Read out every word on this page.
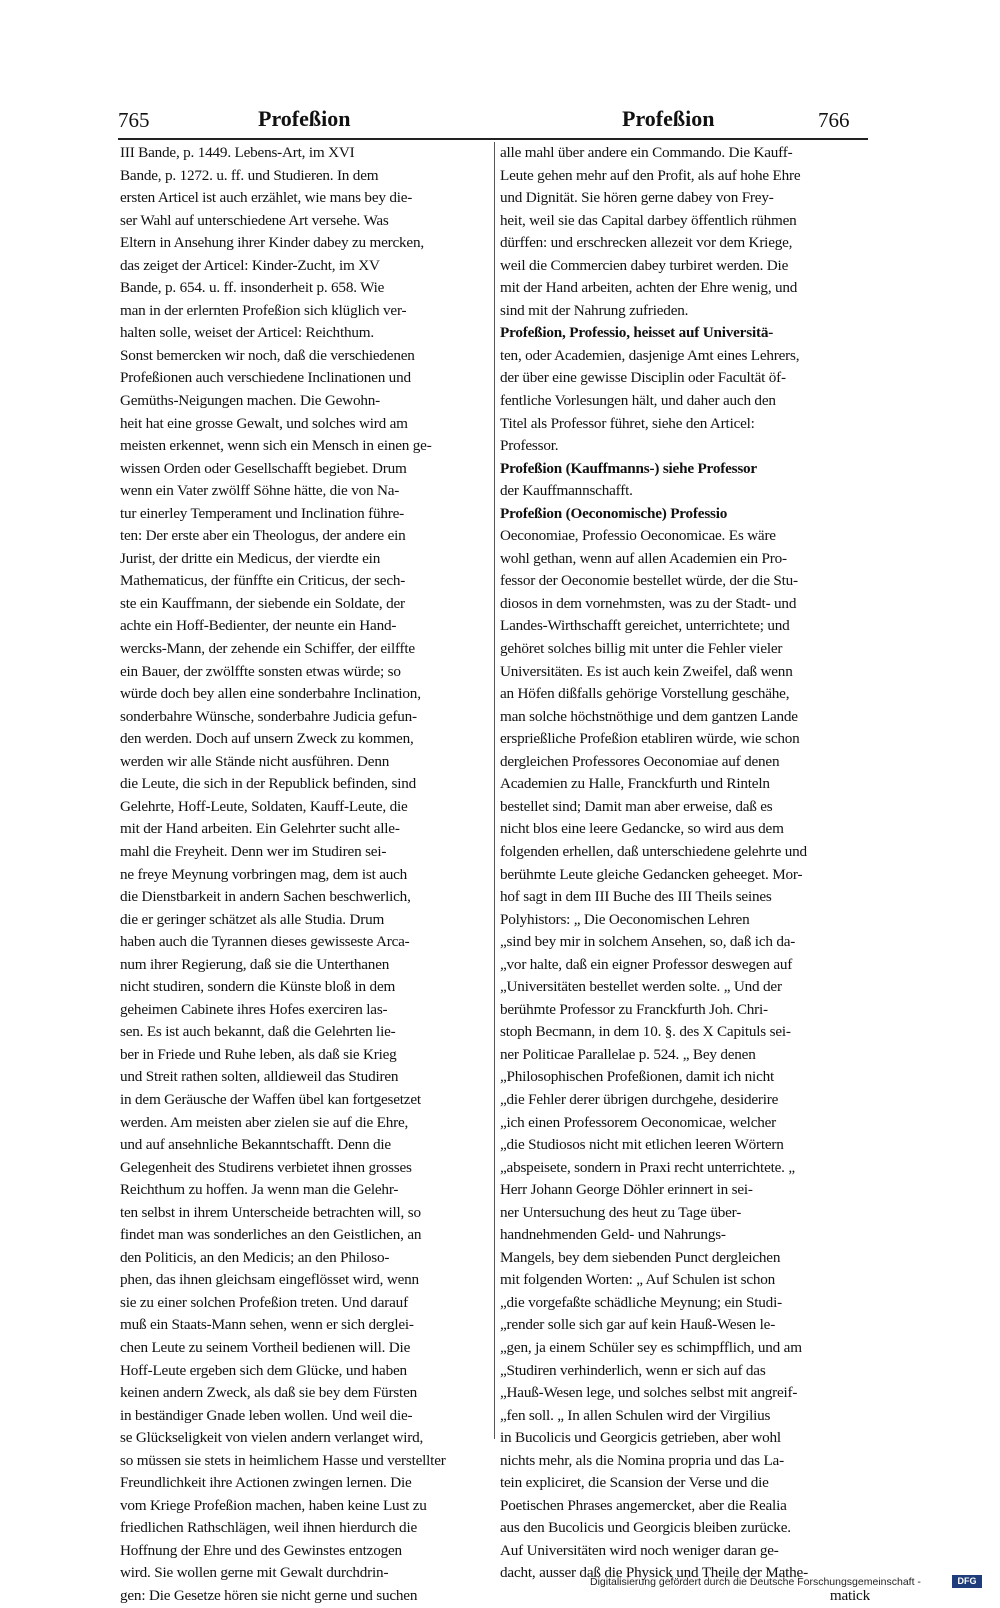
765	Profeßion	Profeßion	766
III Bande, p. 1449. Lebens-Art, im XVI
Bande, p. 1272. u. ff. und Studieren. In dem
ersten Articel ist auch erzählet, wie mans bey die-
ser Wahl auf unterschiedene Art versehe. Was
Eltern in Ansehung ihrer Kinder dabey zu mercken,
das zeiget der Articel: Kinder-Zucht, im XV
Bande, p. 654. u. ff. insonderheit p. 658. Wie
man in der erlernten Profeßion sich klüglich ver-
halten solle, weiset der Articel: Reichthum.
Sonst bemercken wir noch, daß die verschiedenen
Profeßionen auch verschiedene Inclinationen und
Gemüths-Neigungen machen. Die Gewohn-
heit hat eine grosse Gewalt, und solches wird am
meisten erkennet, wenn sich ein Mensch in einen ge-
wissen Orden oder Gesellschafft begiebet. Drum
wenn ein Vater zwölff Söhne hätte, die von Na-
tur einerley Temperament und Inclination führe-
ten: Der erste aber ein Theologus, der andere ein
Jurist, der dritte ein Medicus, der vierdte ein
Mathematicus, der fünffte ein Criticus, der sech-
ste ein Kauffmann, der siebende ein Soldate, der
achte ein Hoff-Bedienter, der neunte ein Hand-
wercks-Mann, der zehende ein Schiffer, der eilffte
ein Bauer, der zwölffte sonsten etwas würde; so
würde doch bey allen eine sonderbahre Inclination,
sonderbahre Wünsche, sonderbahre Judicia gefun-
den werden. Doch auf unsern Zweck zu kommen,
werden wir alle Stände nicht ausführen. Denn
die Leute, die sich in der Republick befinden, sind
Gelehrte, Hoff-Leute, Soldaten, Kauff-Leute, die
mit der Hand arbeiten. Ein Gelehrter sucht alle-
mahl die Freyheit. Denn wer im Studiren sei-
ne freye Meynung vorbringen mag, dem ist auch
die Dienstbarkeit in andern Sachen beschwerlich,
die er geringer schätzet als alle Studia. Drum
haben auch die Tyrannen dieses gewisseste Arca-
num ihrer Regierung, daß sie die Unterthanen
nicht studiren, sondern die Künste bloß in dem
geheimen Cabinete ihres Hofes exerciren las-
sen. Es ist auch bekannt, daß die Gelehrten lie-
ber in Friede und Ruhe leben, als daß sie Krieg
und Streit rathen solten, alldieweil das Studiren
in dem Geräusche der Waffen übel kan fortgesetzet
werden. Am meisten aber zielen sie auf die Ehre,
und auf ansehnliche Bekanntschafft. Denn die
Gelegenheit des Studirens verbietet ihnen grosses
Reichthum zu hoffen. Ja wenn man die Gelehr-
ten selbst in ihrem Unterscheide betrachten will, so
findet man was sonderliches an den Geistlichen, an
den Politicis, an den Medicis; an den Philoso-
phen, das ihnen gleichsam eingeflösset wird, wenn
sie zu einer solchen Profeßion treten. Und darauf
muß ein Staats-Mann sehen, wenn er sich derglei-
chen Leute zu seinem Vortheil bedienen will. Die
Hoff-Leute ergeben sich dem Glücke, und haben
keinen andern Zweck, als daß sie bey dem Fürsten
in beständiger Gnade leben wollen. Und weil die-
se Glückseligkeit von vielen andern verlanget wird,
so müssen sie stets in heimlichem Hasse und verstellter
Freundlichkeit ihre Actionen zwingen lernen. Die
vom Kriege Profeßion machen, haben keine Lust zu
friedlichen Rathschlägen, weil ihnen hierdurch die
Hoffnung der Ehre und des Gewinstes entzogen
wird. Sie wollen gerne mit Gewalt durchdrin-
gen: Die Gesetze hören sie nicht gerne und suchen
alle mahl über andere ein Commando. Die Kauff-
Leute gehen mehr auf den Profit, als auf hohe Ehre
und Dignität. Sie hören gerne dabey von Frey-
heit, weil sie das Capital darbey öffentlich rühmen
dürffen: und erschrecken allezeit vor dem Kriege,
weil die Commercien dabey turbiret werden. Die
mit der Hand arbeiten, achten der Ehre wenig, und
sind mit der Nahrung zufrieden.
Profeßion, Professio, heisset auf Universitä-
ten, oder Academien, dasjenige Amt eines Lehrers,
der über eine gewisse Disciplin oder Facultät öf-
fentliche Vorlesungen hält, und daher auch den
Titel als Professor führet, siehe den Articel:
Professor.
Profeßion (Kauffmanns-) siehe Professor
der Kauffmannschafft.
Profeßion (Oeconomische) Professio
Oeconomiae, Professio Oeconomicae. Es wäre
wohl gethan, wenn auf allen Academien ein Pro-
fessor der Oeconomie bestellet würde, der die Stu-
diosos in dem vornehmsten, was zu der Stadt- und
Landes-Wirthschafft gereichet, unterrichtete; und
gehöret solches billig mit unter die Fehler vieler
Universitäten. Es ist auch kein Zweifel, daß wenn
an Höfen dißfalls gehörige Vorstellung geschähe,
man solche höchstnöthige und dem gantzen Lande
ersprießliche Profeßion etabliren würde, wie schon
dergleichen Professores Oeconomiae auf denen
Academien zu Halle, Franckfurth und Rinteln
bestellet sind; Damit man aber erweise, daß es
nicht blos eine leere Gedancke, so wird aus dem
folgenden erhellen, daß unterschiedene gelehrte und
berühmte Leute gleiche Gedancken geheeget. Mor-
hof sagt in dem III Buche des III Theils seines
Polyhistors: „ Die Oeconomischen Lehren
„sind bey mir in solchem Ansehen, so, daß ich da-
„vor halte, daß ein eigner Professor deswegen auf
„Universitäten bestellet werden solte. „ Und der
berühmte Professor zu Franckfurth Joh. Chri-
stoph Becmann, in dem 10. §. des X Capituls sei-
ner Politicae Parallelae p. 524. „ Bey denen
„Philosophischen Profeßionen, damit ich nicht
„die Fehler derer übrigen durchgehe, desiderire
„ich einen Professorem Oeconomicae, welcher
„die Studiosos nicht mit etlichen leeren Wörtern
„abspeisete, sondern in Praxi recht unterrichtete. „
Herr Johann George Döhler erinnert in sei-
ner Untersuchung des heut zu Tage über-
handnehmenden Geld- und Nahrungs-
Mangels, bey dem siebenden Punct dergleichen
mit folgenden Worten: „ Auf Schulen ist schon
„die vorgefaßte schädliche Meynung; ein Studi-
„render solle sich gar auf kein Hauß-Wesen le-
„gen, ja einem Schüler sey es schimpfflich, und am
„Studiren verhinderlich, wenn er sich auf das
„Hauß-Wesen lege, und solches selbst mit angreif-
„fen soll. „ In allen Schulen wird der Virgilius
in Bucolicis und Georgicis getrieben, aber wohl
nichts mehr, als die Nomina propria und das La-
tein expliciret, die Scansion der Verse und die
Poetischen Phrases angemercket, aber die Realia
aus den Bucolicis und Georgicis bleiben zurücke.
Auf Universitäten wird noch weniger daran ge-
dacht, ausser daß die Physick und Theile der Mathe-
matick
Digitalisierung gefördert durch die Deutsche Forschungsgemeinschaft -	DFG
